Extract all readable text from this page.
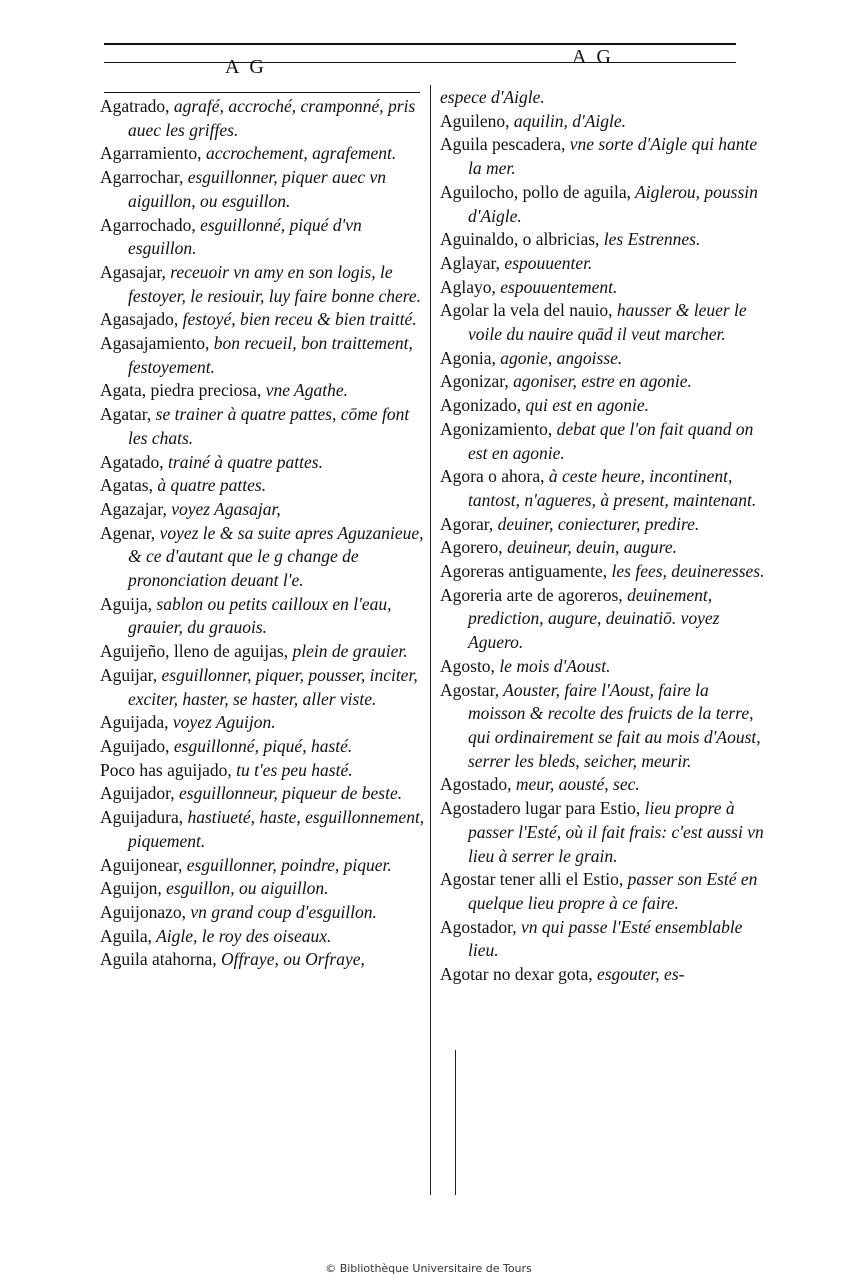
A G	A G

Agatrado, agrafé, accroché, cramponné, pris auec les griffes.

Agarramiento, accrochement, agrafement.

Agarrochar, esguillonner, piquer auec vn aiguillon, ou esguillon.

Agarrochado, esguillonné, piqué d'vn esguillon.

Agasajar, receuoir vn amy en son logis, le festoyer, le resiouir, luy faire bonne chere.

Agasajado, festoyé, bien receu & bien traitté.

Agasajamiento, bon recueil, bon traittement, festoyement.

Agata, piedra preciosa, vne Agathe.

Agatar, se trainer à quatre pattes, cōme font les chats.

Agatado, trainé à quatre pattes.

Agatas, à quatre pattes.

Agazajar, voyez Agasajar,

Agenar, voyez le & sa suite apres Aguzanieue, & ce d'autant que le g change de prononciation deuant l'e.

Aguija, sablon ou petits cailloux en l'eau, grauier, du grauois.

Aguijeño, lleno de aguijas, plein de grauier.

Aguijar, esguillonner, piquer, pousser, inciter, exciter, haster, se haster, aller viste.

Aguijada, voyez Aguijon.

Aguijado, esguillonné, piqué, hasté.

Poco has aguijado, tu t'es peu hasté.

Aguijador, esguillonneur, piqueur de beste.

Aguijadura, hastiueté, haste, esguillonnement, piquement.

Aguijonear, esguillonner, poindre, piquer.

Aguijon, esguillon, ou aiguillon.

Aguijonazo, vn grand coup d'esguillon.

Aguila, Aigle, le roy des oiseaux.

Aguila atahorna, Offraye, ou Orfraye,

espece d'Aigle.

Aguileno, aquilin, d'Aigle.

Aguila pescadera, vne sorte d'Aigle qui hante la mer.

Aguilocho, pollo de aguila, Aiglerou, poussin d'Aigle.

Aguinaldo, o albricias, les Estrennes.

Aglayar, espouuenter.

Aglayo, espouuentement.

Agolar la vela del nauio, hausser & leuer le voile du nauire quād il veut marcher.

Agonia, agonie, angoisse.

Agonizar, agoniser, estre en agonie.

Agonizado, qui est en agonie.

Agonizamiento, debat que l'on fait quand on est en agonie.

Agora o ahora, à ceste heure, incontinent, tantost, n'agueres, à present, maintenant.

Agorar, deuiner, coniecturer, predire.

Agorero, deuineur, deuin, augure.

Agoreras antiguamente, les fees, deuineresses.

Agoreria arte de agoreros, deuinement, prediction, augure, deuinatiō. voyez Aguero.

Agosto, le mois d'Aoust.

Agostar, Aouster, faire l'Aoust, faire la moisson & recolte des fruicts de la terre, qui ordinairement se fait au mois d'Aoust, serrer les bleds, seicher, meurir.

Agostado, meur, aousté, sec.

Agostadero lugar para Estio, lieu propre à passer l'Esté, où il fait frais: c'est aussi vn lieu à serrer le grain.

Agostar tener alli el Estio, passer son Esté en quelque lieu propre à ce faire.

Agostador, vn qui passe l'Esté ensemblable lieu.

Agotar no dexar gota, esgouter, es-

© Bibliothèque Universitaire de Tours
